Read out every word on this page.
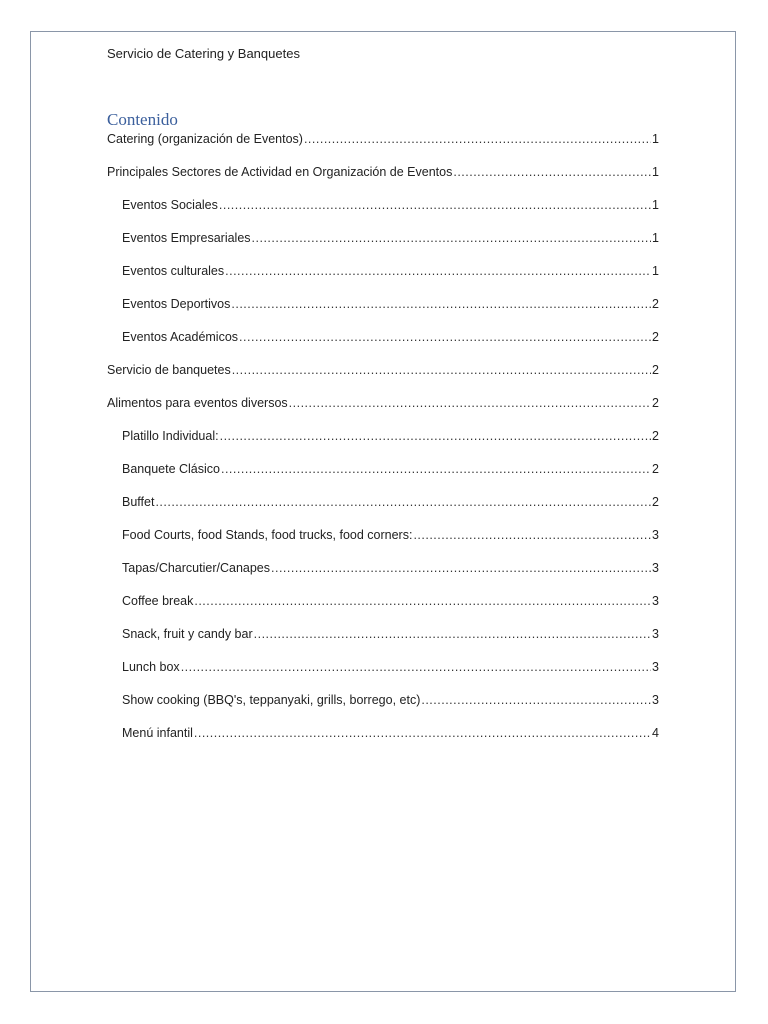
Servicio de Catering y Banquetes
Contenido
Catering (organización de Eventos) .....	1
Principales Sectores de Actividad en Organización de Eventos .....	1
Eventos Sociales .....	1
Eventos Empresariales .....	1
Eventos culturales .....	1
Eventos Deportivos .....	2
Eventos Académicos .....	2
Servicio de banquetes .....	2
Alimentos para eventos diversos .....	2
Platillo Individual: .....	2
Banquete Clásico .....	2
Buffet .....	2
Food Courts, food Stands, food trucks, food corners: .....	3
Tapas/Charcutier/Canapes .....	3
Coffee break .....	3
Snack, fruit y candy bar .....	3
Lunch box .....	3
Show cooking (BBQ's, teppanyaki, grills, borrego, etc) .....	3
Menú infantil .....	4
